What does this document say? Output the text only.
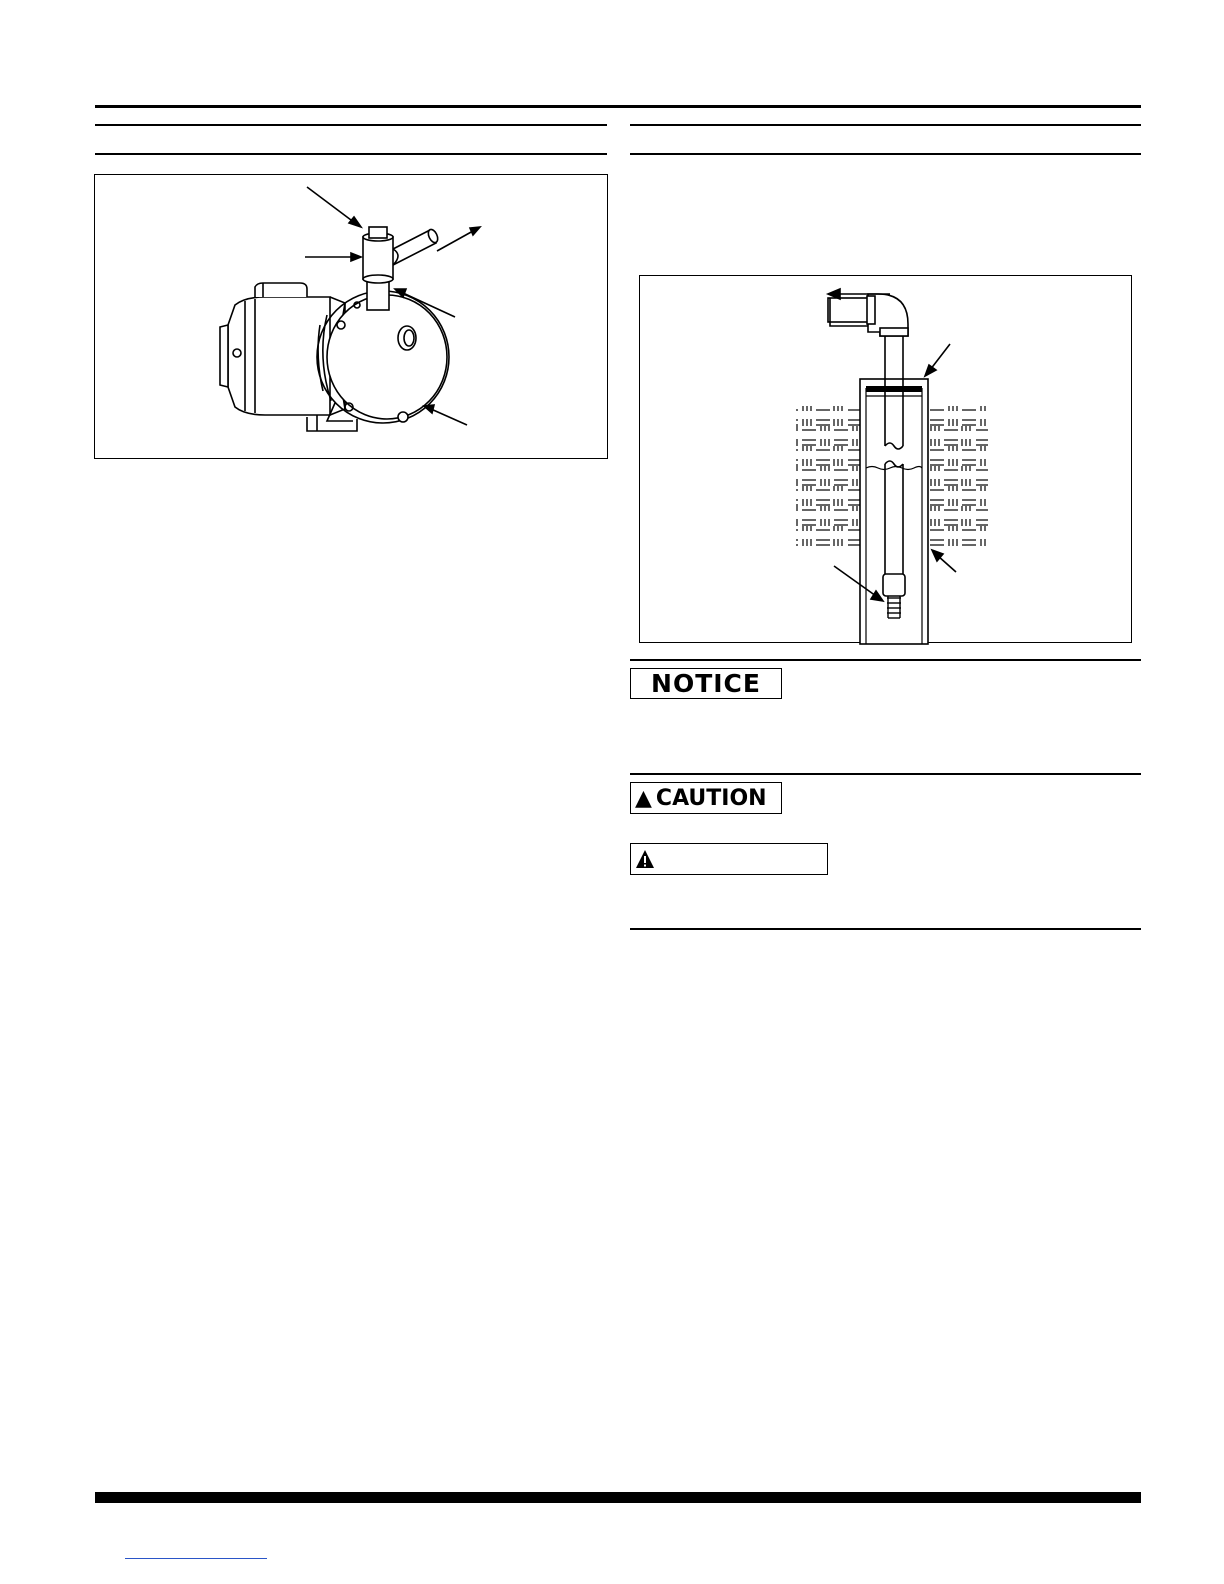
NOTICE
▲ CAUTION
